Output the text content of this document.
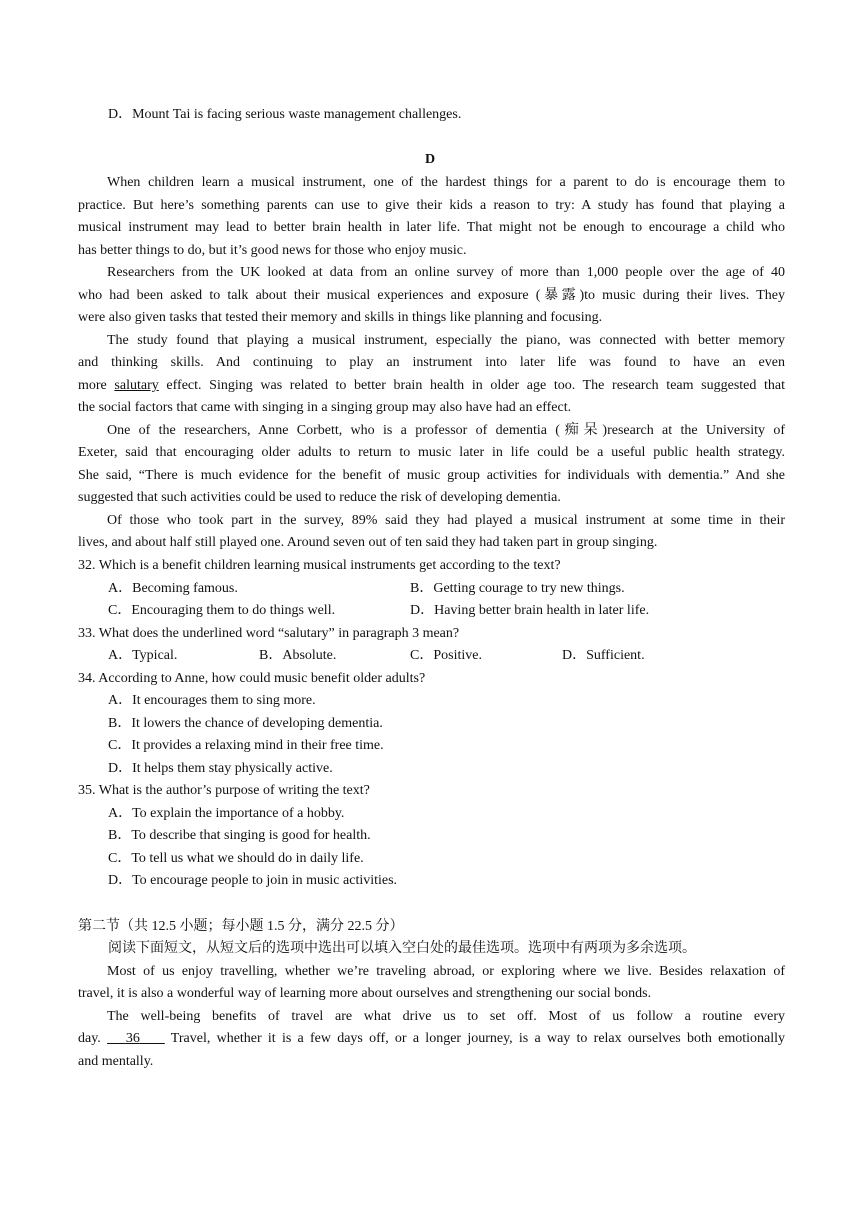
D．Mount Tai is facing serious waste management challenges.
D
When children learn a musical instrument, one of the hardest things for a parent to do is encourage them to
practice. But here’s something parents can use to give their kids a reason to try: A study has found that playing a
musical instrument may lead to better brain health in later life. That might not be enough to encourage a child who
has better things to do, but it’s good news for those who enjoy music.
Researchers from the UK looked at data from an online survey of more than 1,000 people over the age of 40
who had been asked to talk about their musical experiences and exposure (暴露)to music during their lives. They
were also given tasks that tested their memory and skills in things like planning and focusing.
The study found that playing a musical instrument, especially the piano, was connected with better memory
and thinking skills. And continuing to play an instrument into later life was found to have an even
more salutary effect. Singing was related to better brain health in older age too. The research team suggested that
the social factors that came with singing in a singing group may also have had an effect.
One of the researchers, Anne Corbett, who is a professor of dementia (痴呆)research at the University of
Exeter, said that encouraging older adults to return to music later in life could be a useful public health strategy.
She said, “There is much evidence for the benefit of music group activities for individuals with dementia.” And she
suggested that such activities could be used to reduce the risk of developing dementia.
Of those who took part in the survey, 89% said they had played a musical instrument at some time in their
lives, and about half still played one. Around seven out of ten said they had taken part in group singing.
32. Which is a benefit children learning musical instruments get according to the text?
A．Becoming famous.	B．Getting courage to try new things.
C．Encouraging them to do things well.	D．Having better brain health in later life.
33. What does the underlined word “salutary” in paragraph 3 mean?
A．Typical.	B．Absolute.	C．Positive.	D．Sufficient.
34. According to Anne, how could music benefit older adults?
A．It encourages them to sing more.
B．It lowers the chance of developing dementia.
C．It provides a relaxing mind in their free time.
D．It helps them stay physically active.
35. What is the author’s purpose of writing the text?
A．To explain the importance of a hobby.
B．To describe that singing is good for health.
C．To tell us what we should do in daily life.
D．To encourage people to join in music activities.
第二节（共 12.5 小题；每小题 1.5 分，满分 22.5 分）
阅读下面短文，从短文后的选项中选出可以填入空白处的最佳选项。选项中有两项为多余选项。
Most of us enjoy travelling, whether we’re traveling abroad, or exploring where we live. Besides relaxation of
travel, it is also a wonderful way of learning more about ourselves and strengthening our social bonds.
The well-being benefits of travel are what drive us to set off. Most of us follow a routine every
day. 36 Travel, whether it is a few days off, or a longer journey, is a way to relax ourselves both emotionally
and mentally.
